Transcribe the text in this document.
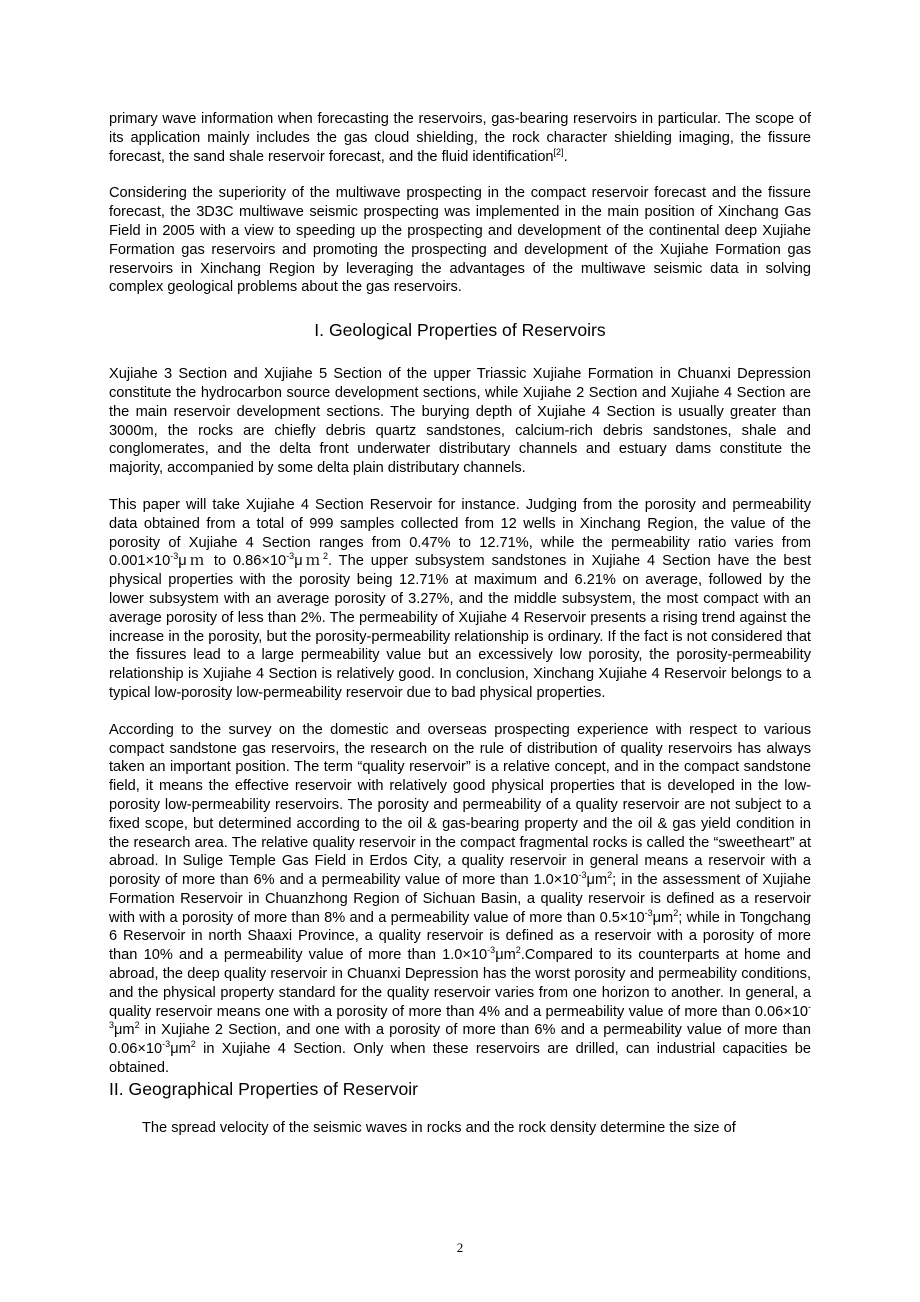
primary wave information when forecasting the reservoirs, gas-bearing reservoirs in particular. The scope of its application mainly includes the gas cloud shielding, the rock character shielding imaging, the fissure forecast, the sand shale reservoir forecast, and the fluid identification[2].

Considering the superiority of the multiwave prospecting in the compact reservoir forecast and the fissure forecast, the 3D3C multiwave seismic prospecting was implemented in the main position of Xinchang Gas Field in 2005 with a view to speeding up the prospecting and development of the continental deep Xujiahe Formation gas reservoirs and promoting the prospecting and development of the Xujiahe Formation gas reservoirs in Xinchang Region by leveraging the advantages of the multiwave seismic data in solving complex geological problems about the gas reservoirs.

I. Geological Properties of Reservoirs

Xujiahe 3 Section and Xujiahe 5 Section of the upper Triassic Xujiahe Formation in Chuanxi Depression constitute the hydrocarbon source development sections, while Xujiahe 2 Section and Xujiahe 4 Section are the main reservoir development sections. The burying depth of Xujiahe 4 Section is usually greater than 3000m, the rocks are chiefly debris quartz sandstones, calcium-rich debris sandstones, shale and conglomerates, and the delta front underwater distributary channels and estuary dams constitute the majority, accompanied by some delta plain distributary channels.

This paper will take Xujiahe 4 Section Reservoir for instance. Judging from the porosity and permeability data obtained from a total of 999 samples collected from 12 wells in Xinchang Region, the value of the porosity of Xujiahe 4 Section ranges from 0.47% to 12.71%, while the permeability ratio varies from $0.001\times 10^{-3}\mu m$ to $0.86\times 10^{-3}\mu m^2$. The upper subsystem sandstones in Xujiahe 4 Section have the best physical properties with the porosity being 12.71% at maximum and 6.21% on average, followed by the lower subsystem with an average porosity of 3.27%, and the middle subsystem, the most compact with an average porosity of less than 2%. The permeability of Xujiahe 4 Reservoir presents a rising trend against the increase in the porosity, but the porosity-permeability relationship is ordinary. If the fact is not considered that the fissures lead to a large permeability value but an excessively low porosity, the porosity-permeability relationship is Xujiahe 4 Section is relatively good. In conclusion, Xinchang Xujiahe 4 Reservoir belongs to a typical low-porosity low-permeability reservoir due to bad physical properties.

According to the survey on the domestic and overseas prospecting experience with respect to various compact sandstone gas reservoirs, the research on the rule of distribution of quality reservoirs has always taken an important position. The term “quality reservoir” is a relative concept, and in the compact sandstone field, it means the effective reservoir with relatively good physical properties that is developed in the low-porosity low-permeability reservoirs. The porosity and permeability of a quality reservoir are not subject to a fixed scope, but determined according to the oil & gas-bearing property and the oil & gas yield condition in the research area. The relative quality reservoir in the compact fragmental rocks is called the “sweetheart” at abroad. In Sulige Temple Gas Field in Erdos City, a quality reservoir in general means a reservoir with a porosity of more than 6% and a permeability value of more than $1.0\times 10^{-3}\mu m^2$; in the assessment of Xujiahe Formation Reservoir in Chuanzhong Region of Sichuan Basin, a quality reservoir is defined as a reservoir with with a porosity of more than 8% and a permeability value of more than $0.5\times 10^{-3}\mu m^2$; while in Tongchang 6 Reservoir in north Shaaxi Province, a quality reservoir is defined as a reservoir with a porosity of more than 10% and a permeability value of more than $1.0\times 10^{-3}\mu m^2.Compared$ to its counterparts at home and abroad, the deep quality reservoir in Chuanxi Depression has the worst porosity and permeability conditions, and the physical property standard for the quality reservoir varies from one horizon to another. In general, a quality reservoir means one with a porosity of more than 4% and a permeability value of more than $0.06\times 10^{-3}\mu m^2$ in Xujiahe 2 Section, and one with a porosity of more than 6% and a permeability value of more than $0.06\times 10^{-3}\mu m^2$ in Xujiahe 4 Section. Only when these reservoirs are drilled, can industrial capacities be obtained.

II. Geographical Properties of Reservoir

The spread velocity of the seismic waves in rocks and the rock density determine the size of

2
